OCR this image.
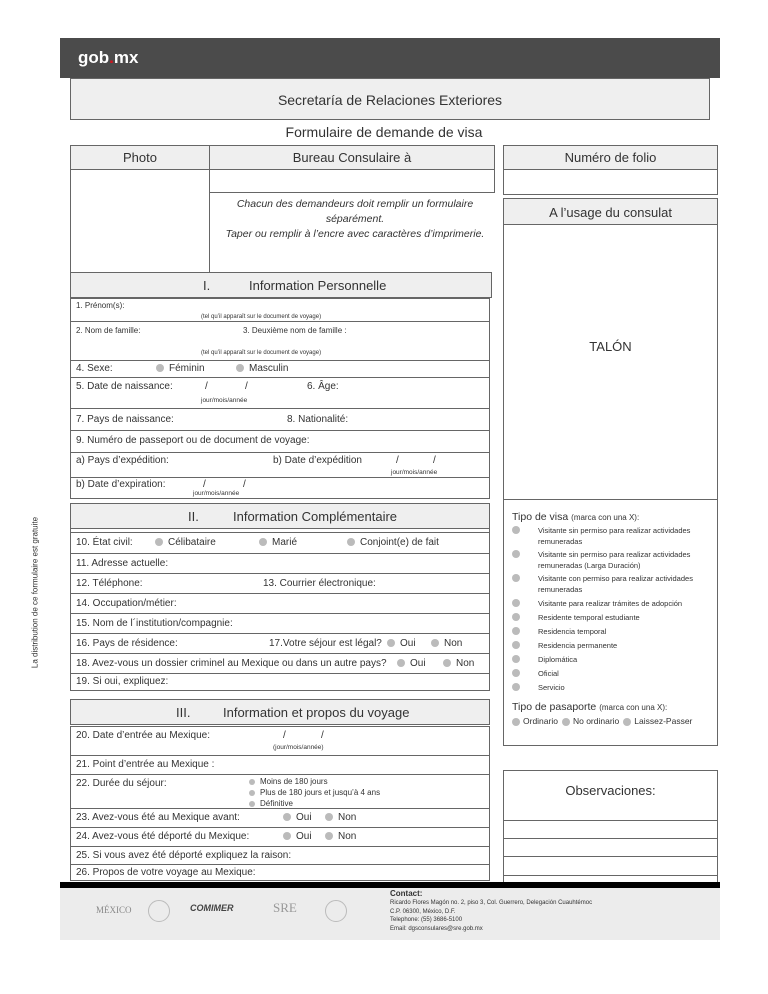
gob.mx
Secretaría de Relaciones Exteriores
Formulaire de demande de visa
Photo	Bureau Consulaire à	Numéro de folio
Chacun des demandeurs doit remplir un formulaire
séparément.
Taper ou remplir à l’encre avec caractères d’imprimerie.
A l’usage du consulat
TALÓN
La distribution de ce formulaire est gratuite
I.	Information Personnelle
1. Prénom(s):
(tel qu’il apparaît sur le document de voyage)
2. Nom de famille:	3. Deuxième nom de famille :
(tel qu’il apparaît sur le document de voyage)
4. Sexe:	Féminin	Masculin
5. Date de naissance:	/	/
jour/mois/année
6. Âge:
7. Pays de naissance:	8. Nationalité:
9. Numéro de passeport ou de document de voyage:
a) Pays d’expédition:	b) Date d’expédition	/	/
jour/mois/année
b) Date d’expiration:	/	/
jour/mois/année
II.	Information Complémentaire
10. État civil:	Célibataire	Marié	Conjoint(e) de fait
11. Adresse actuelle:
12. Téléphone:	13. Courrier électronique:
14. Occupation/métier:
15. Nom de l´institution/compagnie:
16. Pays de résidence:	17.Votre séjour est légal?	Oui	Non
18. Avez-vous un dossier criminel au Mexique ou dans un autre pays?	Oui	Non
19. Si oui, expliquez:
III.	Information et propos du voyage
20. Date d’entrée au Mexique:	/	/
(jour/mois/année)
21. Point d’entrée au Mexique :
22. Durée du séjour:	Moins de 180 jours
Plus de 180 jours et jusqu’à 4 ans
Définitive
23. Avez-vous été au Mexique avant:	Oui	Non
24. Avez-vous été déporté du Mexique:	Oui	Non
25. Si vous avez été déporté expliquez la raison:
26. Propos de votre voyage au Mexique:
Tipo de visa (marca con una X):
Visitante sin permiso para realizar actividades remuneradas
Visitante sin permiso para realizar actividades remuneradas (Larga Duración)
Visitante con permiso para realizar actividades remuneradas
Visitante para realizar trámites de adopción
Residente temporal estudiante
Residencia temporal
Residencia permanente
Diplomática
Oficial
Servicio
Tipo de pasaporte (marca con una X):
Ordinario No ordinario Laissez-Passer
Observaciones:
MÉXICO	COMIMER	SRE
Contact:
Ricardo Flores Magón no. 2, piso 3, Col. Guerrero, Delegación Cuauhtémoc
C.P. 06300, México, D.F.
Telephone: (55) 3686-5100
Email: dgsconsulares@sre.gob.mx
